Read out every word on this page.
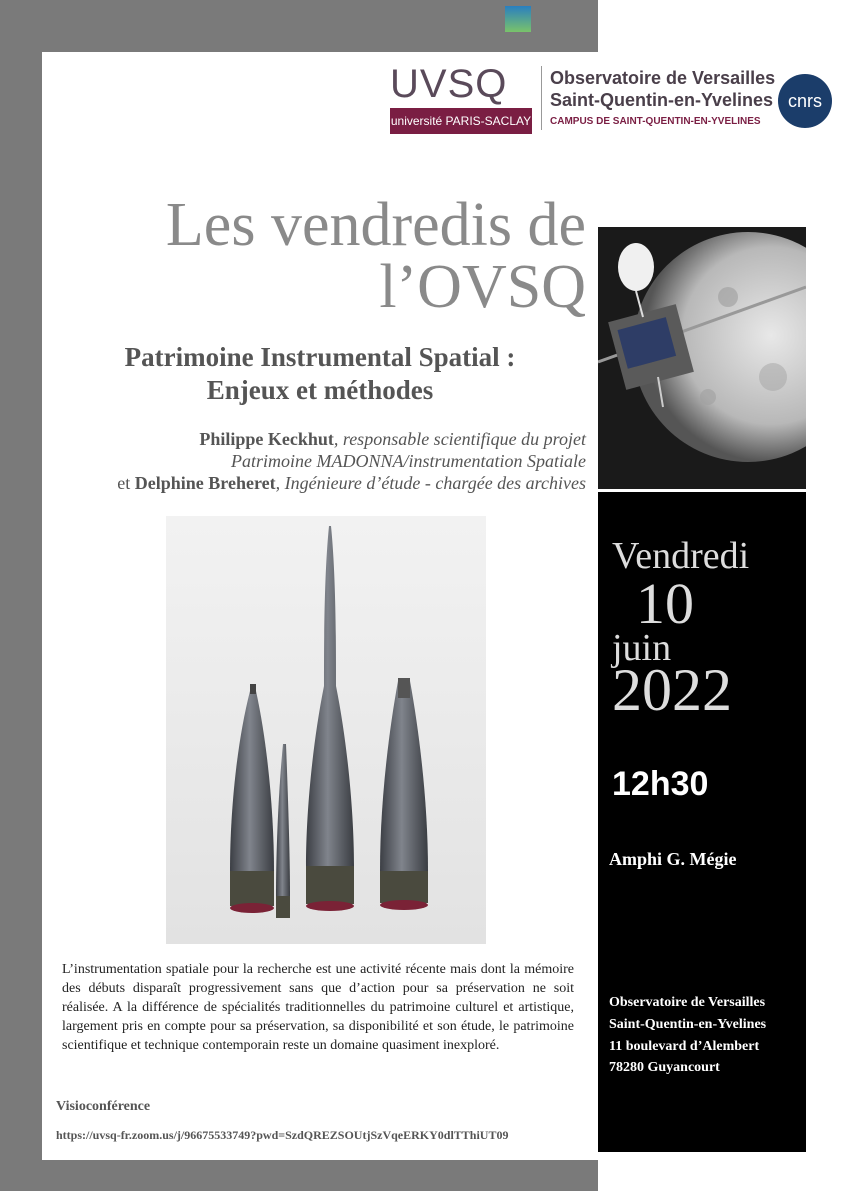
UVSQ
université PARIS-SACLAY
Observatoire de Versailles
Saint-Quentin-en-Yvelines
CAMPUS DE SAINT-QUENTIN-EN-YVELINES
cnrs
Les vendredis de
l’OVSQ
Patrimoine Instrumental Spatial :
Enjeux et méthodes
Philippe Keckhut, responsable scientifique du projet
Patrimoine MADONNA/instrumentation Spatiale
et Delphine Breheret, Ingénieure d’étude - chargée des archives
Vendredi
10
juin
2022
12h30
Amphi G. Mégie
Observatoire de Versailles
Saint-Quentin-en-Yvelines
11 boulevard d’Alembert
78280 Guyancourt
L’instrumentation spatiale pour la recherche est une activité récente mais dont la mémoire des débuts disparaît progressivement sans que d’action pour sa préservation ne soit réalisée. A la différence de spécialités traditionnelles du patrimoine culturel et artistique, largement pris en compte pour sa préservation, sa disponibilité et son étude, le patrimoine scientifique et technique contemporain reste un domaine quasiment inexploré.
Visioconférence
https://uvsq-fr.zoom.us/j/96675533749?pwd=SzdQREZSOUtjSzVqeERKY0dlTThiUT09
